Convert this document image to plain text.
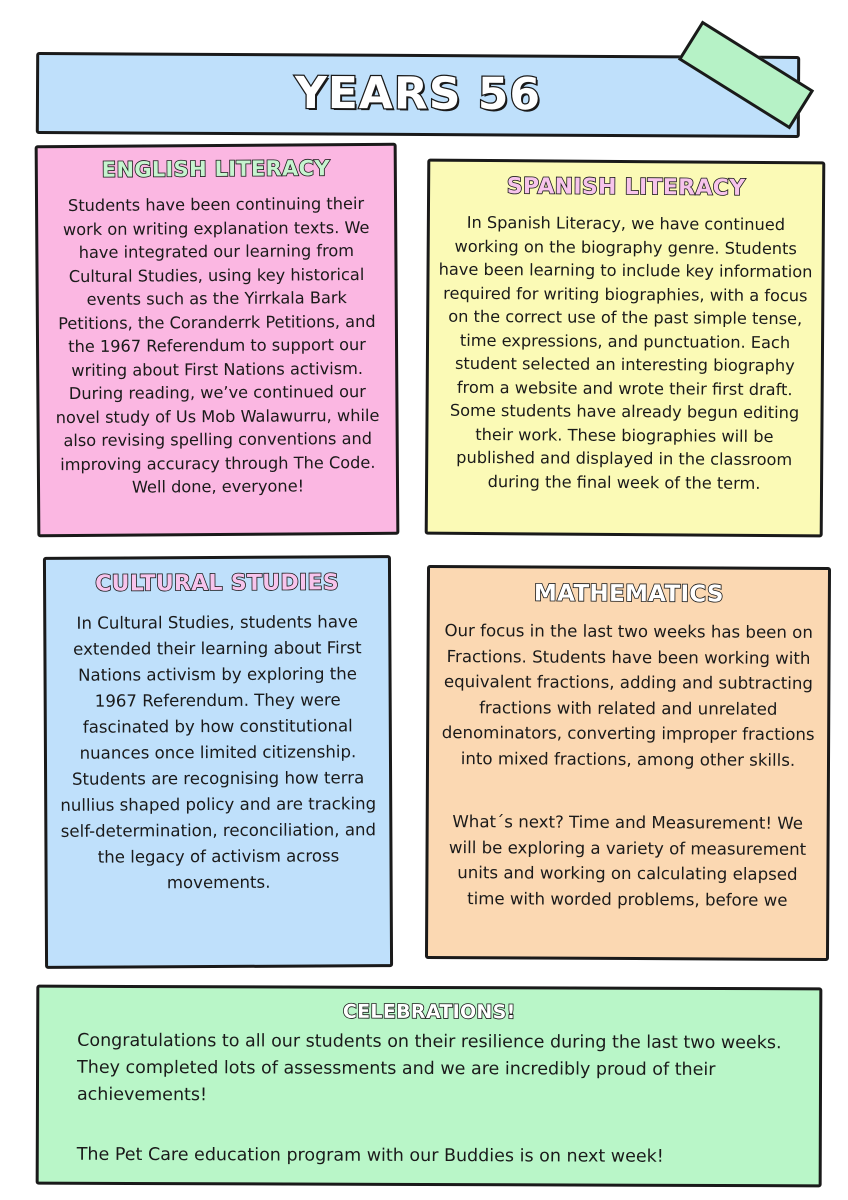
YEARS 56
ENGLISH LITERACY

Students have been continuing their work on writing explanation texts. We have integrated our learning from Cultural Studies, using key historical events such as the Yirrkala Bark Petitions, the Coranderrk Petitions, and the 1967 Referendum to support our writing about First Nations activism. During reading, we’ve continued our novel study of Us Mob Walawurru, while also revising spelling conventions and improving accuracy through The Code. Well done, everyone!

SPANISH LITERACY

In Spanish Literacy, we have continued working on the biography genre. Students have been learning to include key information required for writing biographies, with a focus on the correct use of the past simple tense, time expressions, and punctuation. Each student selected an interesting biography from a website and wrote their first draft. Some students have already begun editing their work. These biographies will be published and displayed in the classroom during the final week of the term.

CULTURAL STUDIES

In Cultural Studies, students have extended their learning about First Nations activism by exploring the 1967 Referendum. They were fascinated by how constitutional nuances once limited citizenship. Students are recognising how terra nullius shaped policy and are tracking self-determination, reconciliation, and the legacy of activism across movements.

MATHEMATICS

Our focus in the last two weeks has been on Fractions. Students have been working with equivalent fractions, adding and subtracting fractions with related and unrelated denominators, converting improper fractions into mixed fractions, among other skills.

What´s next? Time and Measurement! We will be exploring a variety of measurement units and working on calculating elapsed time with worded problems, before we

CELEBRATIONS!

Congratulations to all our students on their resilience during the last two weeks. They completed lots of assessments and we are incredibly proud of their achievements!

The Pet Care education program with our Buddies is on next week!
